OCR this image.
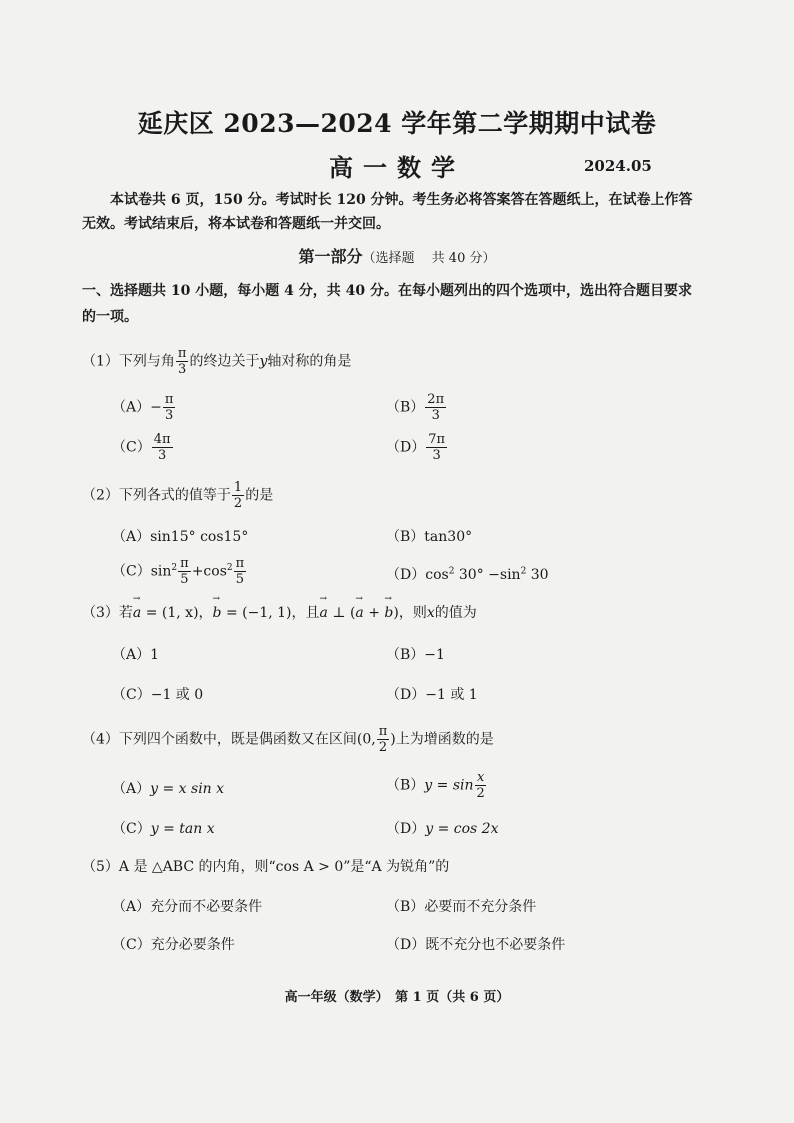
延庆区 2023—2024 学年第二学期期中试卷
高一数学	2024.05
本试卷共 6 页，150 分。考试时长 120 分钟。考生务必将答案答在答题纸上，在试卷上作答无效。考试结束后，将本试卷和答题纸一并交回。
第一部分（选择题　 共 40 分）
一、选择题共 10 小题，每小题 4 分，共 40 分。在每小题列出的四个选项中，选出符合题目要求的一项。
（1）下列与角 $\frac{\pi}{3}$ 的终边关于y轴对称的角是
$(A)- \frac{\pi}{3}$	$(B) \frac{2\pi}{3}$
$(C) \frac{4\pi}{3}$	$(D) \frac{7\pi}{3}$
（2）下列各式的值等于 $\frac{1}{2}$ 的是
（A）sin15° cos15°	（B）tan30°
$(C)\sin^2 \frac{\pi}{5} +\cos^2 \frac{\pi}{5}$	$(D)\cos^2$ $30^\circ -\sin^2$ 30
（3）若→ a = (1, x)，→ b = (−1, 1)，且→ a ⊥ (→ a + → b)，则x的值为
（A）1	（B）−1
（C）−1 或 0	（D）−1 或 1
（4）下列四个函数中，既是偶函数又在区间(0, $\frac{\pi}{2}$ )上为增函数的是
（A）y = x sin x	$(B)y = \sin \frac{x}{2}$
（C）y = tan x	（D）y = cos 2x
（5）A 是 △ABC 的内角，则“cos A > 0”是“A 为锐角”的
（A）充分而不必要条件	（B）必要而不充分条件
（C）充分必要条件	（D）既不充分也不必要条件
高一年级（数学）　第 1 页（共 6 页）
